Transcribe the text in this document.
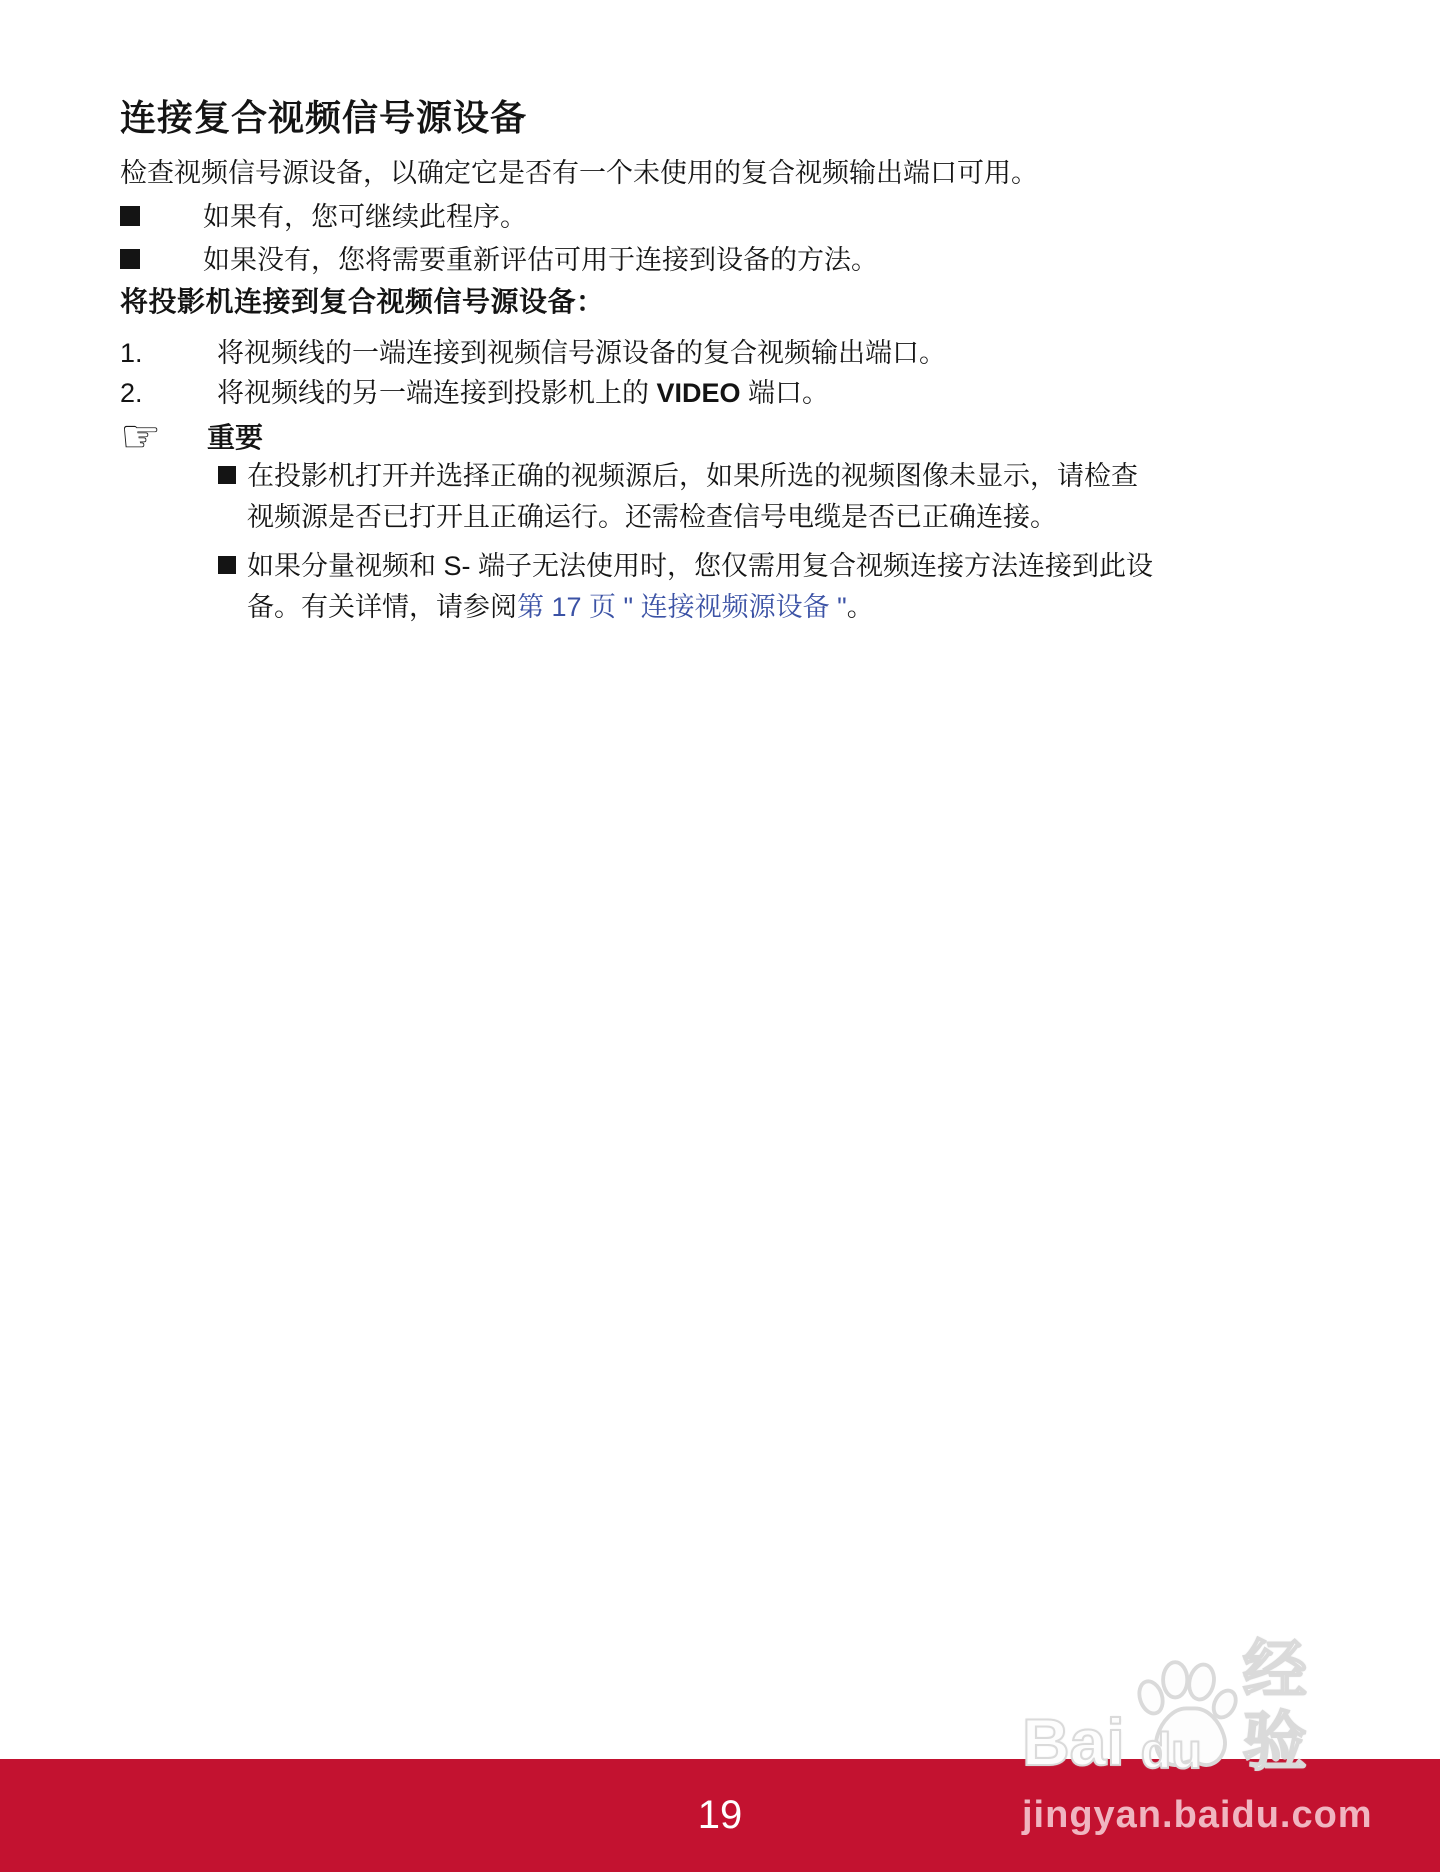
连接复合视频信号源设备

检查视频信号源设备，以确定它是否有一个未使用的复合视频输出端口可用。

如果有，您可继续此程序。
如果没有，您将需要重新评估可用于连接到设备的方法。
将投影机连接到复合视频信号源设备：
1.	将视频线的一端连接到视频信号源设备的复合视频输出端口。
2.	将视频线的另一端连接到投影机上的 VIDEO 端口。
☞	重要
在投影机打开并选择正确的视频源后，如果所选的视频图像未显示，请检查视频源是否已打开且正确运行。还需检查信号电缆是否已正确连接。
如果分量视频和 S- 端子无法使用时，您仅需用复合视频连接方法连接到此设备。有关详情，请参阅第 17 页 " 连接视频源设备 "。
Bai du
经验
jingyan.baidu.com
19
